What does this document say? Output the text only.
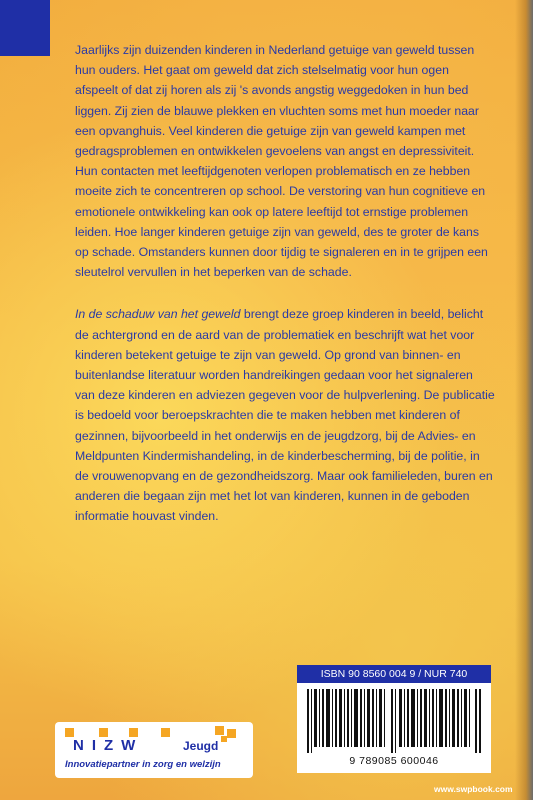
Jaarlijks zijn duizenden kinderen in Nederland getuige van geweld tussen hun ouders. Het gaat om geweld dat zich stelselmatig voor hun ogen afspeelt of dat zij horen als zij 's avonds angstig weggedoken in hun bed liggen. Zij zien de blauwe plekken en vluchten soms met hun moeder naar een opvanghuis. Veel kinderen die getuige zijn van geweld kampen met gedragsproblemen en ontwikkelen gevoelens van angst en depressiviteit. Hun contacten met leeftijdgenoten verlopen problematisch en ze hebben moeite zich te concentreren op school. De verstoring van hun cognitieve en emotionele ontwikkeling kan ook op latere leeftijd tot ernstige problemen leiden. Hoe langer kinderen getuige zijn van geweld, des te groter de kans op schade. Omstanders kunnen door tijdig te signaleren en in te grijpen een sleutelrol vervullen in het beperken van de schade.

In de schaduw van het geweld brengt deze groep kinderen in beeld, belicht de achtergrond en de aard van de problematiek en beschrijft wat het voor kinderen betekent getuige te zijn van geweld. Op grond van binnen- en buitenlandse literatuur worden handreikingen gedaan voor het signaleren van deze kinderen en adviezen gegeven voor de hulpverlening. De publicatie is bedoeld voor beroepskrachten die te maken hebben met kinderen of gezinnen, bijvoorbeeld in het onderwijs en de jeugdzorg, bij de Advies- en Meldpunten Kindermishandeling, in de kinderbescherming, bij de politie, in de vrouwenopvang en de gezondheidszorg. Maar ook familieleden, buren en anderen die begaan zijn met het lot van kinderen, kunnen in de geboden informatie houvast vinden.

ISBN 90 8560 004 9 / NUR 740
9 789085 600046
NIZW	Jeugd
Innovatiepartner in zorg en welzijn
www.swpbook.com
